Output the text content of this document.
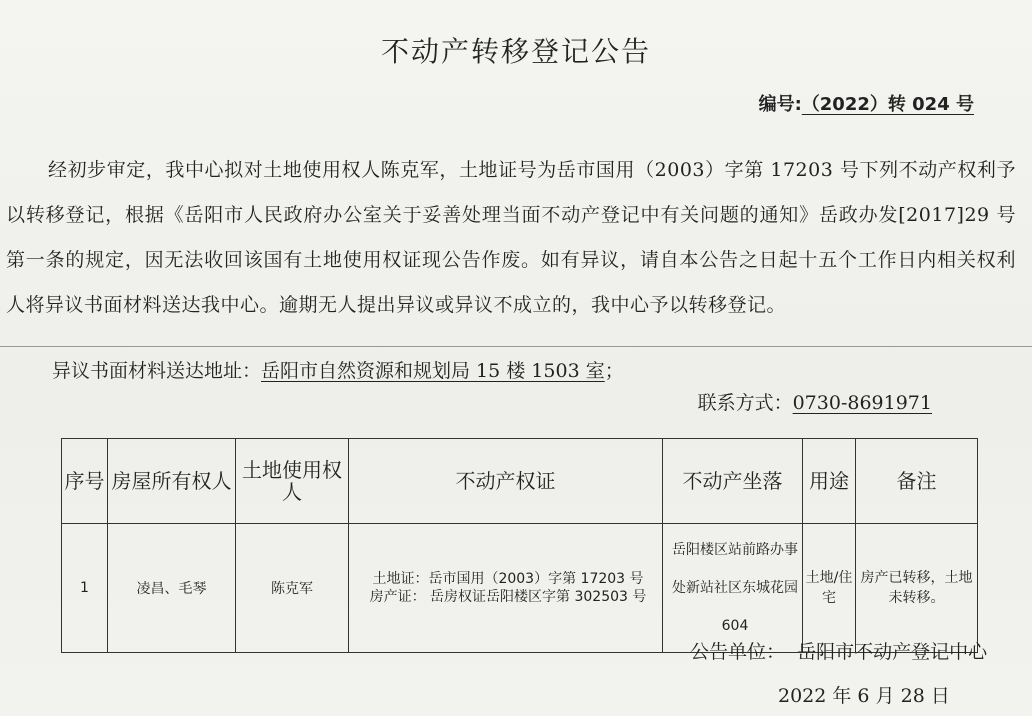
不动产转移登记公告
编号:（2022）转 024 号

经初步审定，我中心拟对土地使用权人陈克军，土地证号为岳市国用（2003）字第 17203 号下列不动产权利予以转移登记，根据《岳阳市人民政府办公室关于妥善处理当面不动产登记中有关问题的通知》岳政办发[2017]29 号第一条的规定，因无法收回该国有土地使用权证现公告作废。如有异议，请自本公告之日起十五个工作日内相关权利人将异议书面材料送达我中心。逾期无人提出异议或异议不成立的，我中心予以转移登记。

异议书面材料送达地址：岳阳市自然资源和规划局 15 楼 1503 室；
联系方式：0730-8691971
序号	房屋所有权人	土地使用权人	不动产权证	不动产坐落	用途	备注
1	凌昌、毛琴	陈克军	土地证：岳市国用（2003）字第 17203 号
房产证： 岳房权证岳阳楼区字第 302503 号	岳阳楼区站前路办事处新站社区东城花园 604	土地/住宅	房产已转移，土地未转移。
公告单位： 岳阳市不动产登记中心
2022 年 6 月 28 日
